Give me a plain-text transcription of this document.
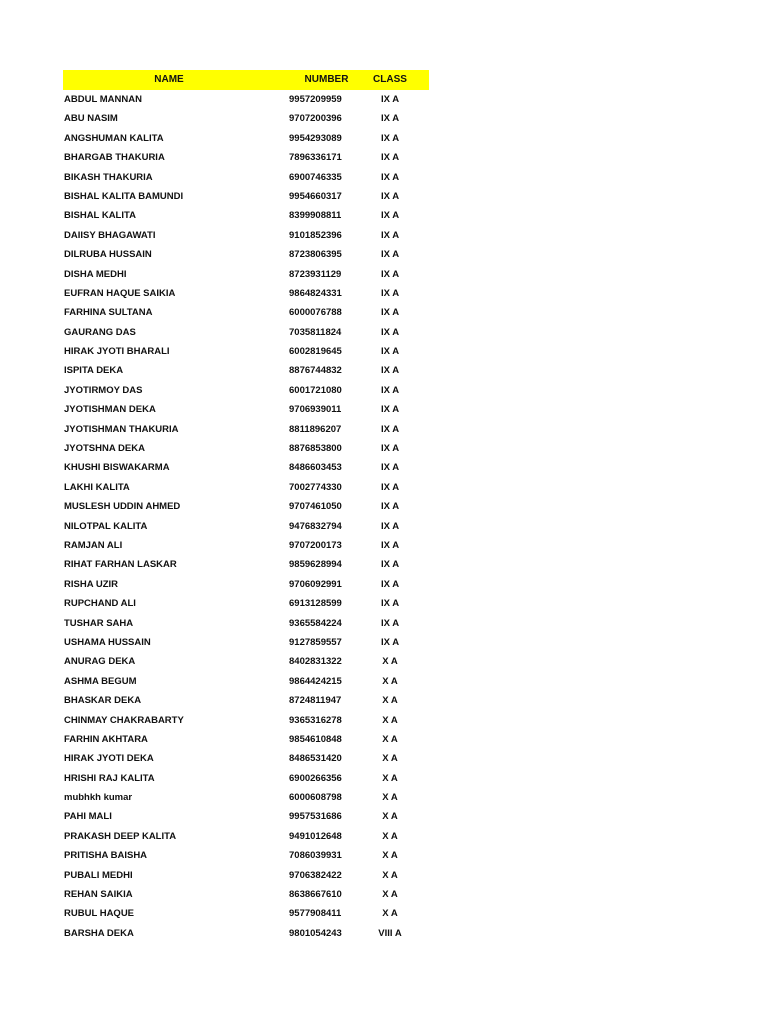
NAME	NUMBER	CLASS
ABDUL MANNAN	9957209959	IX A
ABU NASIM	9707200396	IX A
ANGSHUMAN KALITA	9954293089	IX A
BHARGAB THAKURIA	7896336171	IX A
BIKASH THAKURIA	6900746335	IX A
BISHAL KALITA BAMUNDI	9954660317	IX A
BISHAL KALITA	8399908811	IX A
DAIISY BHAGAWATI	9101852396	IX A
DILRUBA HUSSAIN	8723806395	IX A
DISHA MEDHI	8723931129	IX A
EUFRAN HAQUE SAIKIA	9864824331	IX A
FARHINA SULTANA	6000076788	IX A
GAURANG DAS	7035811824	IX A
HIRAK JYOTI BHARALI	6002819645	IX A
ISPITA DEKA	8876744832	IX A
JYOTIRMOY DAS	6001721080	IX A
JYOTISHMAN DEKA	9706939011	IX A
JYOTISHMAN THAKURIA	8811896207	IX A
JYOTSHNA DEKA	8876853800	IX A
KHUSHI BISWAKARMA	8486603453	IX A
LAKHI KALITA	7002774330	IX A
MUSLESH UDDIN AHMED	9707461050	IX A
NILOTPAL KALITA	9476832794	IX A
RAMJAN ALI	9707200173	IX A
RIHAT FARHAN LASKAR	9859628994	IX A
RISHA UZIR	9706092991	IX A
RUPCHAND ALI	6913128599	IX A
TUSHAR SAHA	9365584224	IX A
USHAMA HUSSAIN	9127859557	IX A
ANURAG DEKA	8402831322	X A
ASHMA BEGUM	9864424215	X A
BHASKAR DEKA	8724811947	X A
CHINMAY CHAKRABARTY	9365316278	X A
FARHIN AKHTARA	9854610848	X A
HIRAK JYOTI DEKA	8486531420	X A
HRISHI RAJ KALITA	6900266356	X A
mubhkh kumar	6000608798	X A
PAHI MALI	9957531686	X A
PRAKASH DEEP KALITA	9491012648	X A
PRITISHA BAISHA	7086039931	X A
PUBALI MEDHI	9706382422	X A
REHAN SAIKIA	8638667610	X A
RUBUL HAQUE	9577908411	X A
BARSHA DEKA	9801054243	VIII A
